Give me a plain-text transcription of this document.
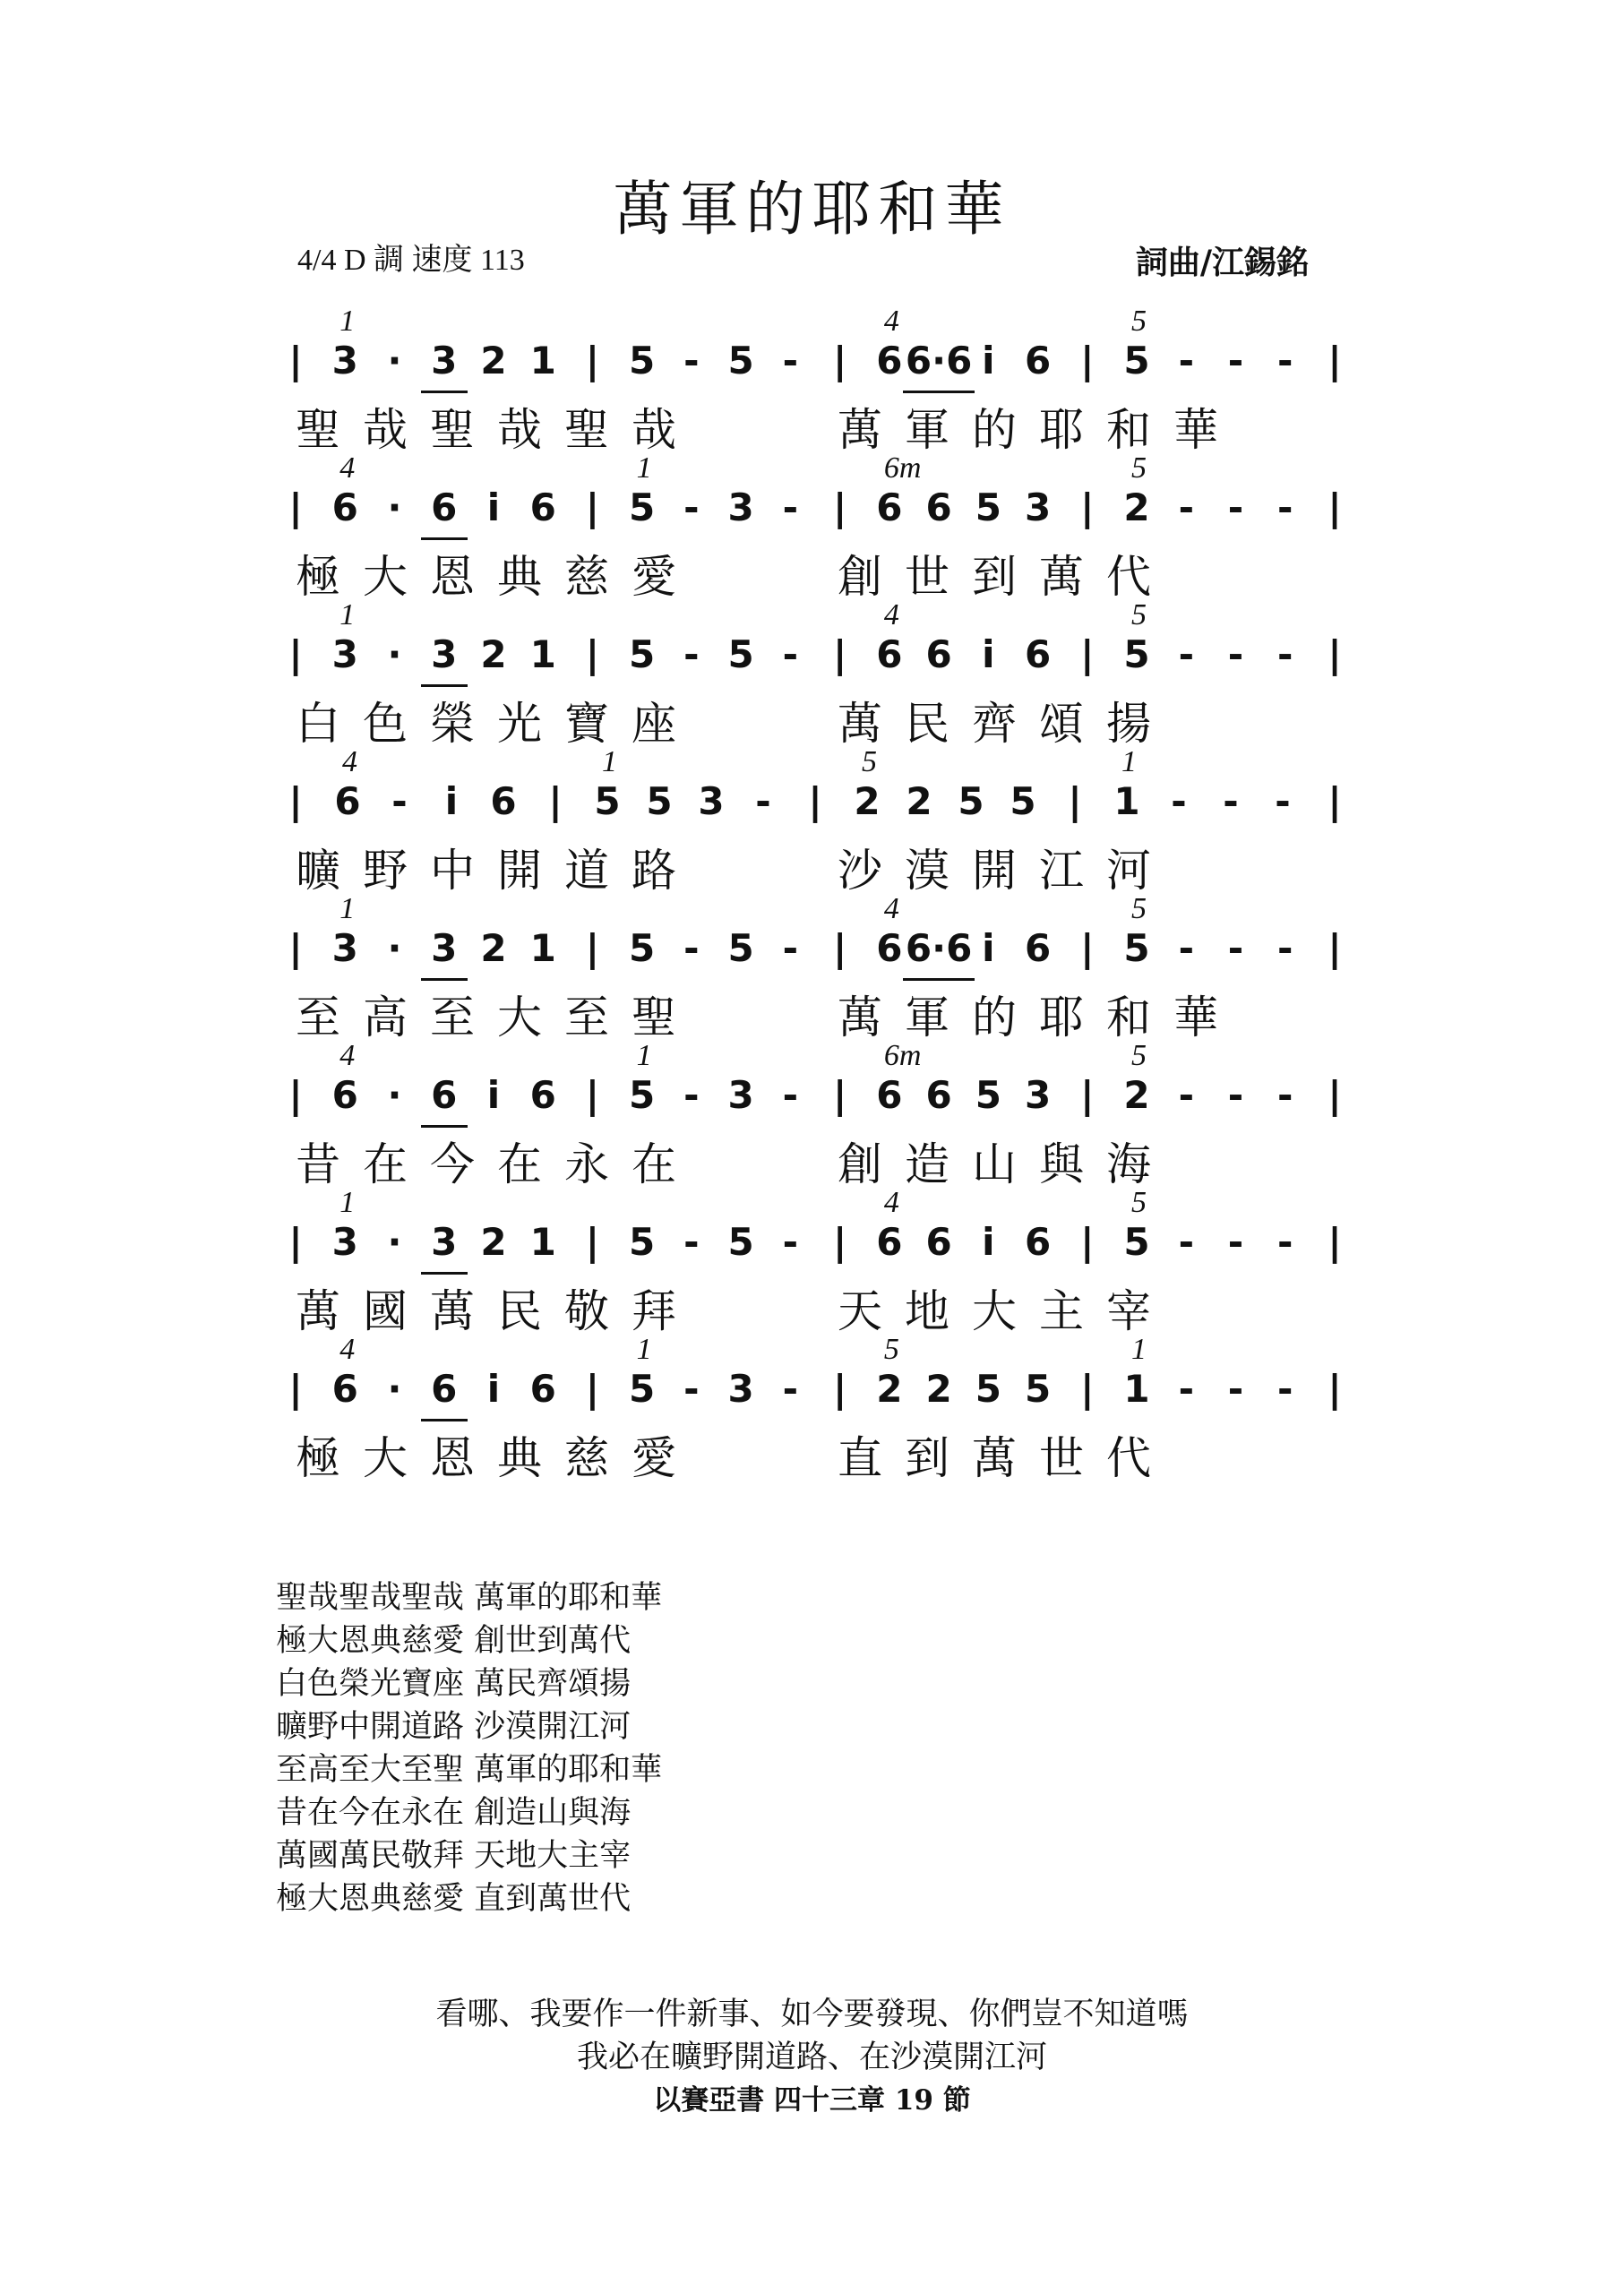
萬軍的耶和華
4/4 D 調 速度 113	詞曲/江錫銘
| 3 · 3 2 1 | 5 - 5 - | 6 6·6 i 6 | 5 - - - |
1	4	5
聖 哉 聖 哉 聖 哉	萬 軍 的 耶 和 華
| 6 · 6 i 6 | 5 - 3 - | 6 6 5 3 | 2 - - - |
4	1	6m	5
極 大 恩 典 慈 愛	創 世 到 萬 代
| 3 · 3 2 1 | 5 - 5 - | 6 6 i 6 | 5 - - - |
1	4	5
白 色 榮 光 寶 座	萬 民 齊 頌 揚
| 6 -	i 6 | 5 5 3 - | 2 2 5 5 | 1 - - - |
4	1	5	1
曠 野 中 開 道 路	沙 漠 開 江 河
| 3 · 3 2 1 | 5 - 5 - | 6 6·6 i 6 | 5 - - - |
1	4	5
至 高 至 大 至 聖	萬 軍 的 耶 和 華
| 6 · 6 i 6 | 5 - 3 - | 6 6 5 3 | 2 - - - |
4	1	6m	5
昔 在 今 在 永 在	創 造 山 與 海
| 3 · 3 2 1 | 5 - 5 - | 6 6 i 6 | 5 - - - |
1	4	5
萬 國 萬 民 敬 拜	天 地 大 主 宰
| 6 · 6 i 6 | 5 - 3 - | 2 2 5 5 | 1 - - - |
4	1	5	1
極 大 恩 典 慈 愛	直 到 萬 世 代
聖哉聖哉聖哉 萬軍的耶和華
極大恩典慈愛 創世到萬代
白色榮光寶座 萬民齊頌揚
曠野中開道路 沙漠開江河
至高至大至聖 萬軍的耶和華
昔在今在永在 創造山與海
萬國萬民敬拜 天地大主宰
極大恩典慈愛 直到萬世代
看哪、我要作一件新事、如今要發現、你們豈不知道嗎
我必在曠野開道路、在沙漠開江河
以賽亞書 四十三章 19 節
